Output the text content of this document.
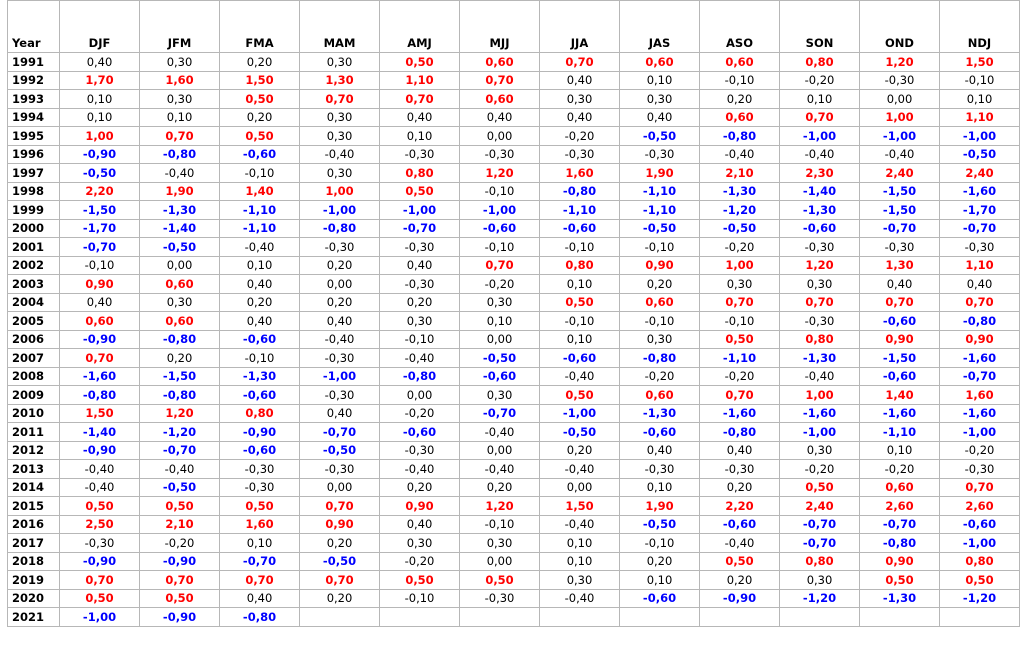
Year	DJF	JFM	FMA	MAM	AMJ	MJJ	JJA	JAS	ASO	SON	OND	NDJ
1991	0,40	0,30	0,20	0,30	0,50	0,60	0,70	0,60	0,60	0,80	1,20	1,50
1992	1,70	1,60	1,50	1,30	1,10	0,70	0,40	0,10	-0,10	-0,20	-0,30	-0,10
1993	0,10	0,30	0,50	0,70	0,70	0,60	0,30	0,30	0,20	0,10	0,00	0,10
1994	0,10	0,10	0,20	0,30	0,40	0,40	0,40	0,40	0,60	0,70	1,00	1,10
1995	1,00	0,70	0,50	0,30	0,10	0,00	-0,20	-0,50	-0,80	-1,00	-1,00	-1,00
1996	-0,90	-0,80	-0,60	-0,40	-0,30	-0,30	-0,30	-0,30	-0,40	-0,40	-0,40	-0,50
1997	-0,50	-0,40	-0,10	0,30	0,80	1,20	1,60	1,90	2,10	2,30	2,40	2,40
1998	2,20	1,90	1,40	1,00	0,50	-0,10	-0,80	-1,10	-1,30	-1,40	-1,50	-1,60
1999	-1,50	-1,30	-1,10	-1,00	-1,00	-1,00	-1,10	-1,10	-1,20	-1,30	-1,50	-1,70
2000	-1,70	-1,40	-1,10	-0,80	-0,70	-0,60	-0,60	-0,50	-0,50	-0,60	-0,70	-0,70
2001	-0,70	-0,50	-0,40	-0,30	-0,30	-0,10	-0,10	-0,10	-0,20	-0,30	-0,30	-0,30
2002	-0,10	0,00	0,10	0,20	0,40	0,70	0,80	0,90	1,00	1,20	1,30	1,10
2003	0,90	0,60	0,40	0,00	-0,30	-0,20	0,10	0,20	0,30	0,30	0,40	0,40
2004	0,40	0,30	0,20	0,20	0,20	0,30	0,50	0,60	0,70	0,70	0,70	0,70
2005	0,60	0,60	0,40	0,40	0,30	0,10	-0,10	-0,10	-0,10	-0,30	-0,60	-0,80
2006	-0,90	-0,80	-0,60	-0,40	-0,10	0,00	0,10	0,30	0,50	0,80	0,90	0,90
2007	0,70	0,20	-0,10	-0,30	-0,40	-0,50	-0,60	-0,80	-1,10	-1,30	-1,50	-1,60
2008	-1,60	-1,50	-1,30	-1,00	-0,80	-0,60	-0,40	-0,20	-0,20	-0,40	-0,60	-0,70
2009	-0,80	-0,80	-0,60	-0,30	0,00	0,30	0,50	0,60	0,70	1,00	1,40	1,60
2010	1,50	1,20	0,80	0,40	-0,20	-0,70	-1,00	-1,30	-1,60	-1,60	-1,60	-1,60
2011	-1,40	-1,20	-0,90	-0,70	-0,60	-0,40	-0,50	-0,60	-0,80	-1,00	-1,10	-1,00
2012	-0,90	-0,70	-0,60	-0,50	-0,30	0,00	0,20	0,40	0,40	0,30	0,10	-0,20
2013	-0,40	-0,40	-0,30	-0,30	-0,40	-0,40	-0,40	-0,30	-0,30	-0,20	-0,20	-0,30
2014	-0,40	-0,50	-0,30	0,00	0,20	0,20	0,00	0,10	0,20	0,50	0,60	0,70
2015	0,50	0,50	0,50	0,70	0,90	1,20	1,50	1,90	2,20	2,40	2,60	2,60
2016	2,50	2,10	1,60	0,90	0,40	-0,10	-0,40	-0,50	-0,60	-0,70	-0,70	-0,60
2017	-0,30	-0,20	0,10	0,20	0,30	0,30	0,10	-0,10	-0,40	-0,70	-0,80	-1,00
2018	-0,90	-0,90	-0,70	-0,50	-0,20	0,00	0,10	0,20	0,50	0,80	0,90	0,80
2019	0,70	0,70	0,70	0,70	0,50	0,50	0,30	0,10	0,20	0,30	0,50	0,50
2020	0,50	0,50	0,40	0,20	-0,10	-0,30	-0,40	-0,60	-0,90	-1,20	-1,30	-1,20
2021	-1,00	-0,90	-0,80									
